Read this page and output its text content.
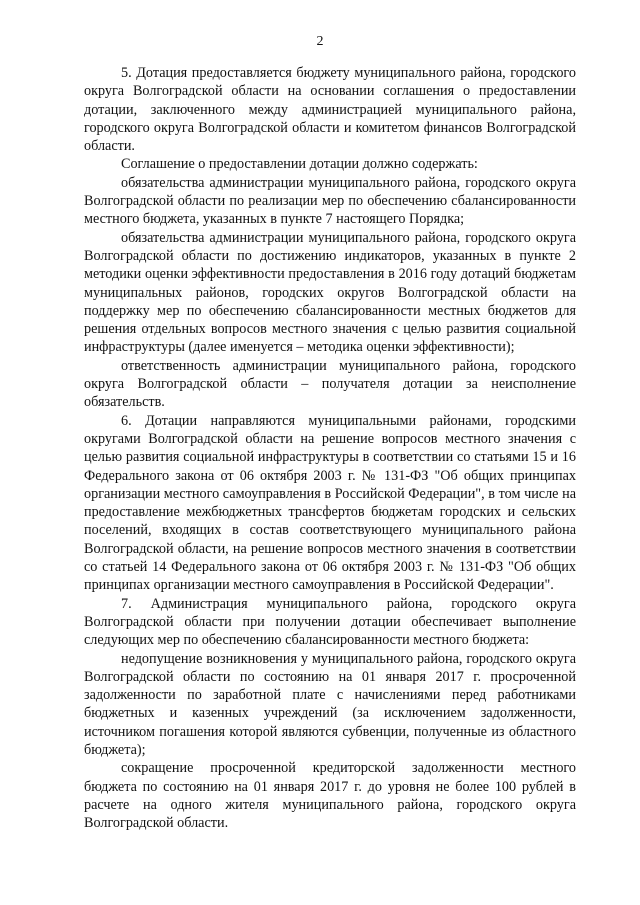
2

5. Дотация предоставляется бюджету муниципального района, городского округа Волгоградской области на основании соглашения о предоставлении дотации, заключенного между администрацией муниципального района, городского округа Волгоградской области и комитетом финансов Волгоградской области.

Соглашение о предоставлении дотации должно содержать:

обязательства администрации муниципального района, городского округа Волгоградской области по реализации мер по обеспечению сбалансированности местного бюджета, указанных в пункте 7 настоящего Порядка;

обязательства администрации муниципального района, городского округа Волгоградской области по достижению индикаторов, указанных в пункте 2 методики оценки эффективности предоставления в 2016 году дотаций бюджетам муниципальных районов, городских округов Волгоградской области на поддержку мер по обеспечению сбалансированности местных бюджетов для решения отдельных вопросов местного значения с целью развития социальной инфраструктуры (далее именуется – методика оценки эффективности);

ответственность администрации муниципального района, городского округа Волгоградской области – получателя дотации за неисполнение обязательств.

6. Дотации направляются муниципальными районами, городскими округами Волгоградской области на решение вопросов местного значения с целью развития социальной инфраструктуры в соответствии со статьями 15 и 16 Федерального закона от 06 октября 2003 г. № 131-ФЗ "Об общих принципах организации местного самоуправления в Российской Федерации", в том числе на предоставление межбюджетных трансфертов бюджетам городских и сельских поселений, входящих в состав соответствующего муниципального района Волгоградской области, на решение вопросов местного значения в соответствии со статьей 14 Федерального закона от 06 октября 2003 г. № 131-ФЗ "Об общих принципах организации местного самоуправления в Российской Федерации".

7. Администрация муниципального района, городского округа Волгоградской области при получении дотации обеспечивает выполнение следующих мер по обеспечению сбалансированности местного бюджета:

недопущение возникновения у муниципального района, городского округа Волгоградской области по состоянию на 01 января 2017 г. просроченной задолженности по заработной плате с начислениями перед работниками бюджетных и казенных учреждений (за исключением задолженности, источником погашения которой являются субвенции, полученные из областного бюджета);

сокращение просроченной кредиторской задолженности местного бюджета по состоянию на 01 января 2017 г. до уровня не более 100 рублей в расчете на одного жителя муниципального района, городского округа Волгоградской области.
